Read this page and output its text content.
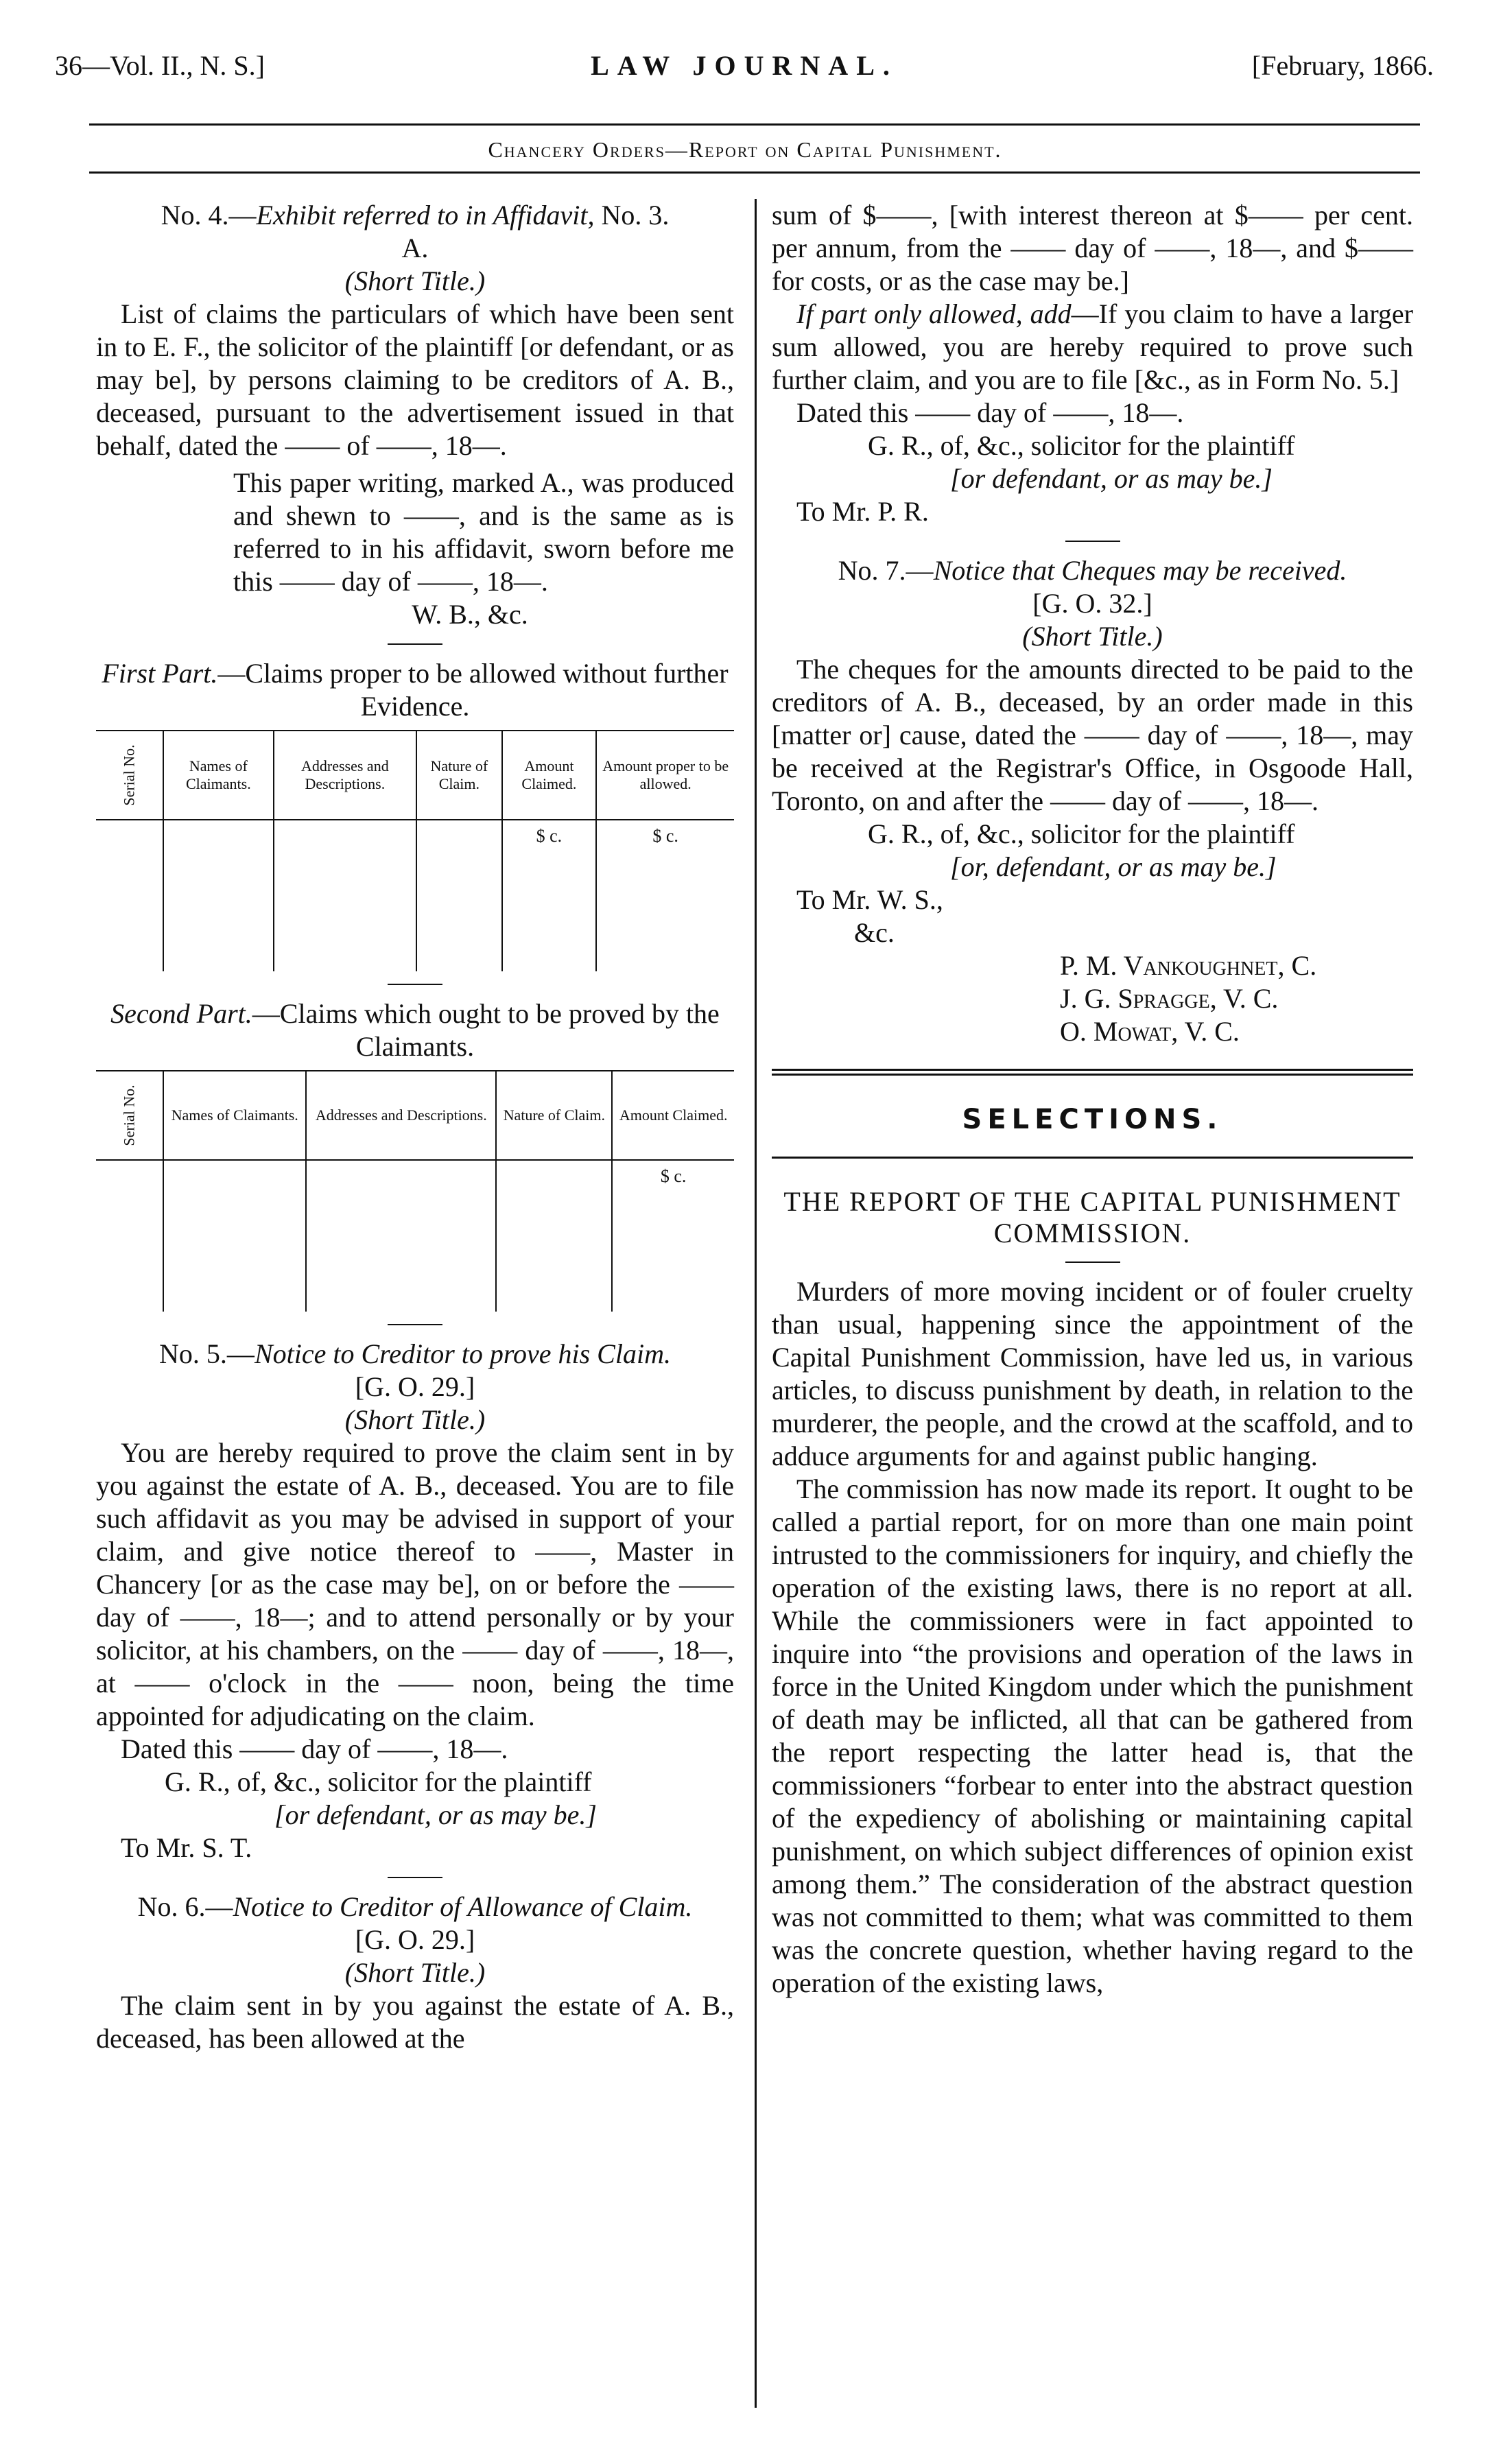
36—Vol. II., N. S.]	LAW JOURNAL.	[February, 1866.
Chancery Orders—Report on Capital Punishment.

No. 4.—Exhibit referred to in Affidavit, No. 3.

A.

(Short Title.)

List of claims the particulars of which have been sent in to E. F., the solicitor of the plaintiff [or defendant, or as may be], by persons claiming to be creditors of A. B., deceased, pursuant to the advertisement issued in that behalf, dated the —— of ——, 18—.

This paper writing, marked A., was produced and shewn to ——, and is the same as is referred to in his affidavit, sworn before me this —— day of ——, 18—.

W. B., &c.

First Part.—Claims proper to be allowed without further Evidence.

Serial No.	Names of Claimants.	Addresses and Descriptions.	Nature of Claim.	Amount Claimed.	Amount proper to be allowed.
				$ c.	$ c.

Second Part.—Claims which ought to be proved by the Claimants.

Serial No.	Names of Claimants.	Addresses and Descriptions.	Nature of Claim.	Amount Claimed.
				$ c.

No. 5.—Notice to Creditor to prove his Claim.

[G. O. 29.]

(Short Title.)

You are hereby required to prove the claim sent in by you against the estate of A. B., deceased. You are to file such affidavit as you may be advised in support of your claim, and give notice thereof to ——, Master in Chancery [or as the case may be], on or before the —— day of ——, 18—; and to attend personally or by your solicitor, at his chambers, on the —— day of ——, 18—, at —— o'clock in the —— noon, being the time appointed for adjudicating on the claim.

Dated this —— day of ——, 18—.

G. R., of, &c., solicitor for the plaintiff

[or defendant, or as may be.]

To Mr. S. T.

No. 6.—Notice to Creditor of Allowance of Claim.

[G. O. 29.]

(Short Title.)

The claim sent in by you against the estate of A. B., deceased, has been allowed at the

sum of $——, [with interest thereon at $—— per cent. per annum, from the —— day of ——, 18—, and $—— for costs, or as the case may be.]

If part only allowed, add—If you claim to have a larger sum allowed, you are hereby required to prove such further claim, and you are to file [&c., as in Form No. 5.]

Dated this —— day of ——, 18—.

G. R., of, &c., solicitor for the plaintiff

[or defendant, or as may be.]

To Mr. P. R.

No. 7.—Notice that Cheques may be received.

[G. O. 32.]

(Short Title.)

The cheques for the amounts directed to be paid to the creditors of A. B., deceased, by an order made in this [matter or] cause, dated the —— day of ——, 18—, may be received at the Registrar's Office, in Osgoode Hall, Toronto, on and after the —— day of ——, 18—.

G. R., of, &c., solicitor for the plaintiff

[or, defendant, or as may be.]

To Mr. W. S.,

&c.

P. M. Vankoughnet, C.

J. G. Spragge, V. C.

O. Mowat, V. C.

SELECTIONS.

THE REPORT OF THE CAPITAL PUNISHMENT COMMISSION.

Murders of more moving incident or of fouler cruelty than usual, happening since the appointment of the Capital Punishment Commission, have led us, in various articles, to discuss punishment by death, in relation to the murderer, the people, and the crowd at the scaffold, and to adduce arguments for and against public hanging.

The commission has now made its report. It ought to be called a partial report, for on more than one main point intrusted to the commissioners for inquiry, and chiefly the operation of the existing laws, there is no report at all. While the commissioners were in fact appointed to inquire into “the provisions and operation of the laws in force in the United Kingdom under which the punishment of death may be inflicted, all that can be gathered from the report respecting the latter head is, that the commissioners “forbear to enter into the abstract question of the expediency of abolishing or maintaining capital punishment, on which subject differences of opinion exist among them.” The consideration of the abstract question was not committed to them; what was committed to them was the concrete question, whether having regard to the operation of the existing laws,
